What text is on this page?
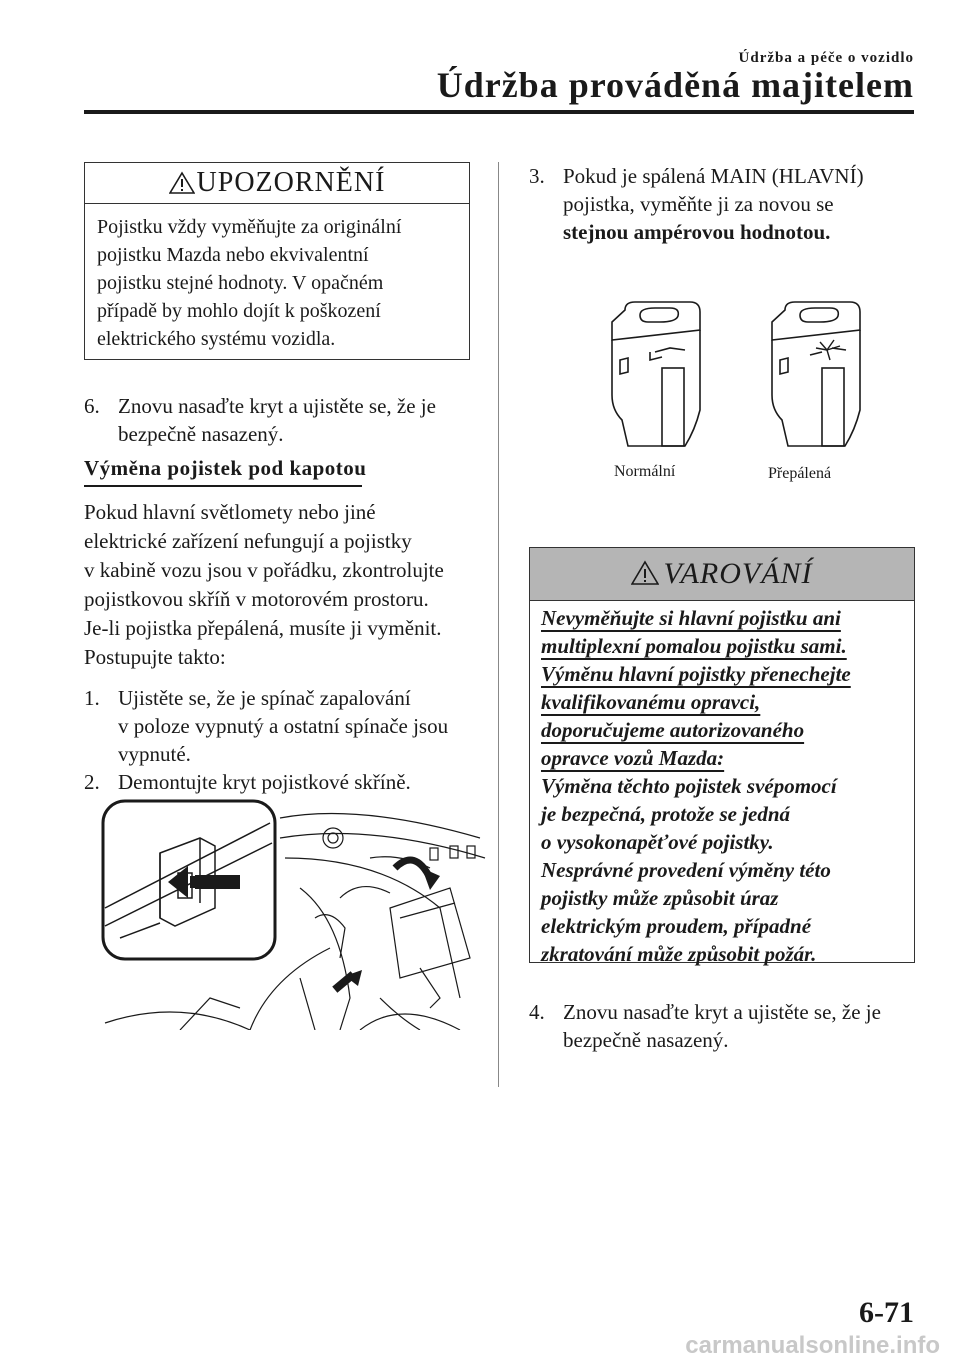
Údržba a péče o vozidlo
Údržba prováděná majitelem
UPOZORNĚNÍ
Pojistku vždy vyměňujte za originální
pojistku Mazda nebo ekvivalentní
pojistku stejné hodnoty. V opačném
případě by mohlo dojít k poškození
elektrického systému vozidla.
6. Znovu nasaďte kryt a ujistěte se, že je
bezpečně nasazený.
Výměna pojistek pod kapotou
Pokud hlavní světlomety nebo jiné
elektrické zařízení nefungují a pojistky
v kabině vozu jsou v pořádku, zkontrolujte
pojistkovou skříň v motorovém prostoru.
Je-li pojistka přepálená, musíte ji vyměnit.
Postupujte takto:
1. Ujistěte se, že je spínač zapalování
v poloze vypnutý a ostatní spínače jsou
vypnuté.
2. Demontujte kryt pojistkové skříně.
3. Pokud je spálená MAIN (HLAVNÍ)
pojistka, vyměňte ji za novou se
stejnou ampérovou hodnotou.
Normální	Přepálená
VAROVÁNÍ
Nevyměňujte si hlavní pojistku ani
multiplexní pomalou pojistku sami.
Výměnu hlavní pojistky přenechejte
kvalifikovanému opravci,
doporučujeme autorizovaného
opravce vozů Mazda:
Výměna těchto pojistek svépomocí
je bezpečná, protože se jedná
o vysokonapěťové pojistky.
Nesprávné provedení výměny této
pojistky může způsobit úraz
elektrickým proudem, případné
zkratování může způsobit požár.
4. Znovu nasaďte kryt a ujistěte se, že je
bezpečně nasazený.
6-71
carmanualsonline.info
